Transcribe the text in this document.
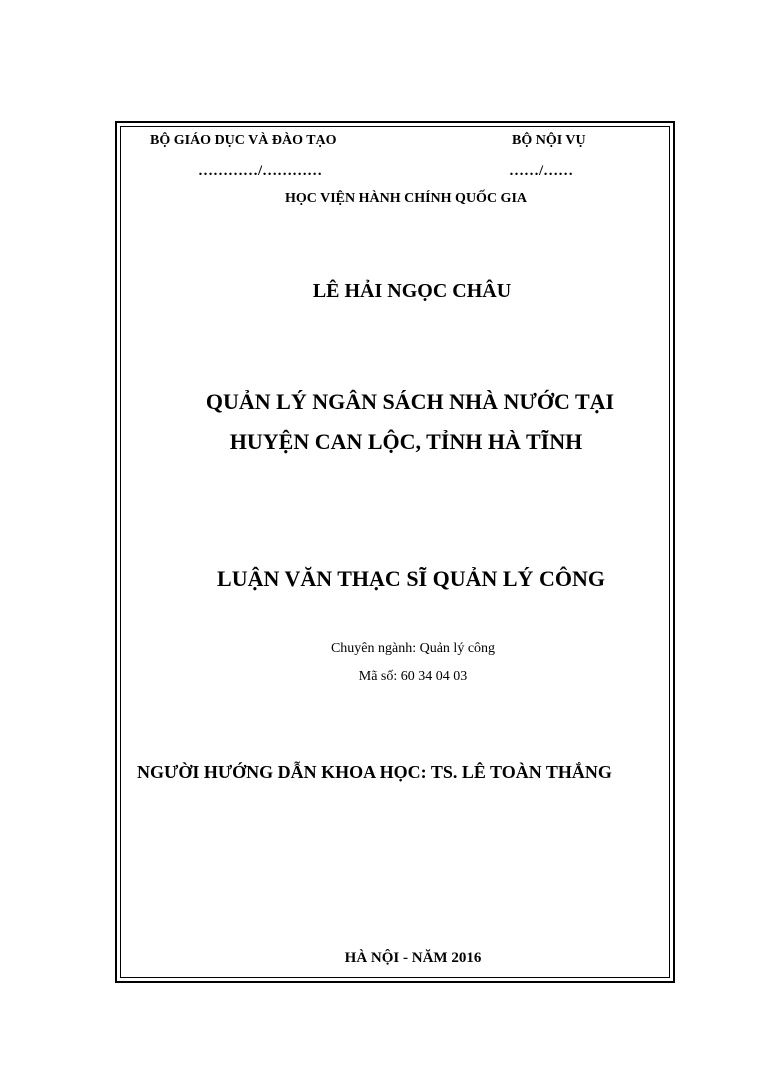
BỘ GIÁO DỤC VÀ ĐÀO TẠO	BỘ NỘI VỤ
…………/…………	……/……
HỌC VIỆN HÀNH CHÍNH QUỐC GIA
LÊ HẢI NGỌC CHÂU
QUẢN LÝ NGÂN SÁCH NHÀ NƯỚC TẠI
HUYỆN CAN LỘC, TỈNH HÀ TĨNH
LUẬN VĂN THẠC SĨ QUẢN LÝ CÔNG
Chuyên ngành: Quản lý công
Mã số: 60 34 04 03
NGƯỜI HƯỚNG DẪN KHOA HỌC: TS. LÊ TOÀN THẮNG
HÀ NỘI - NĂM 2016
